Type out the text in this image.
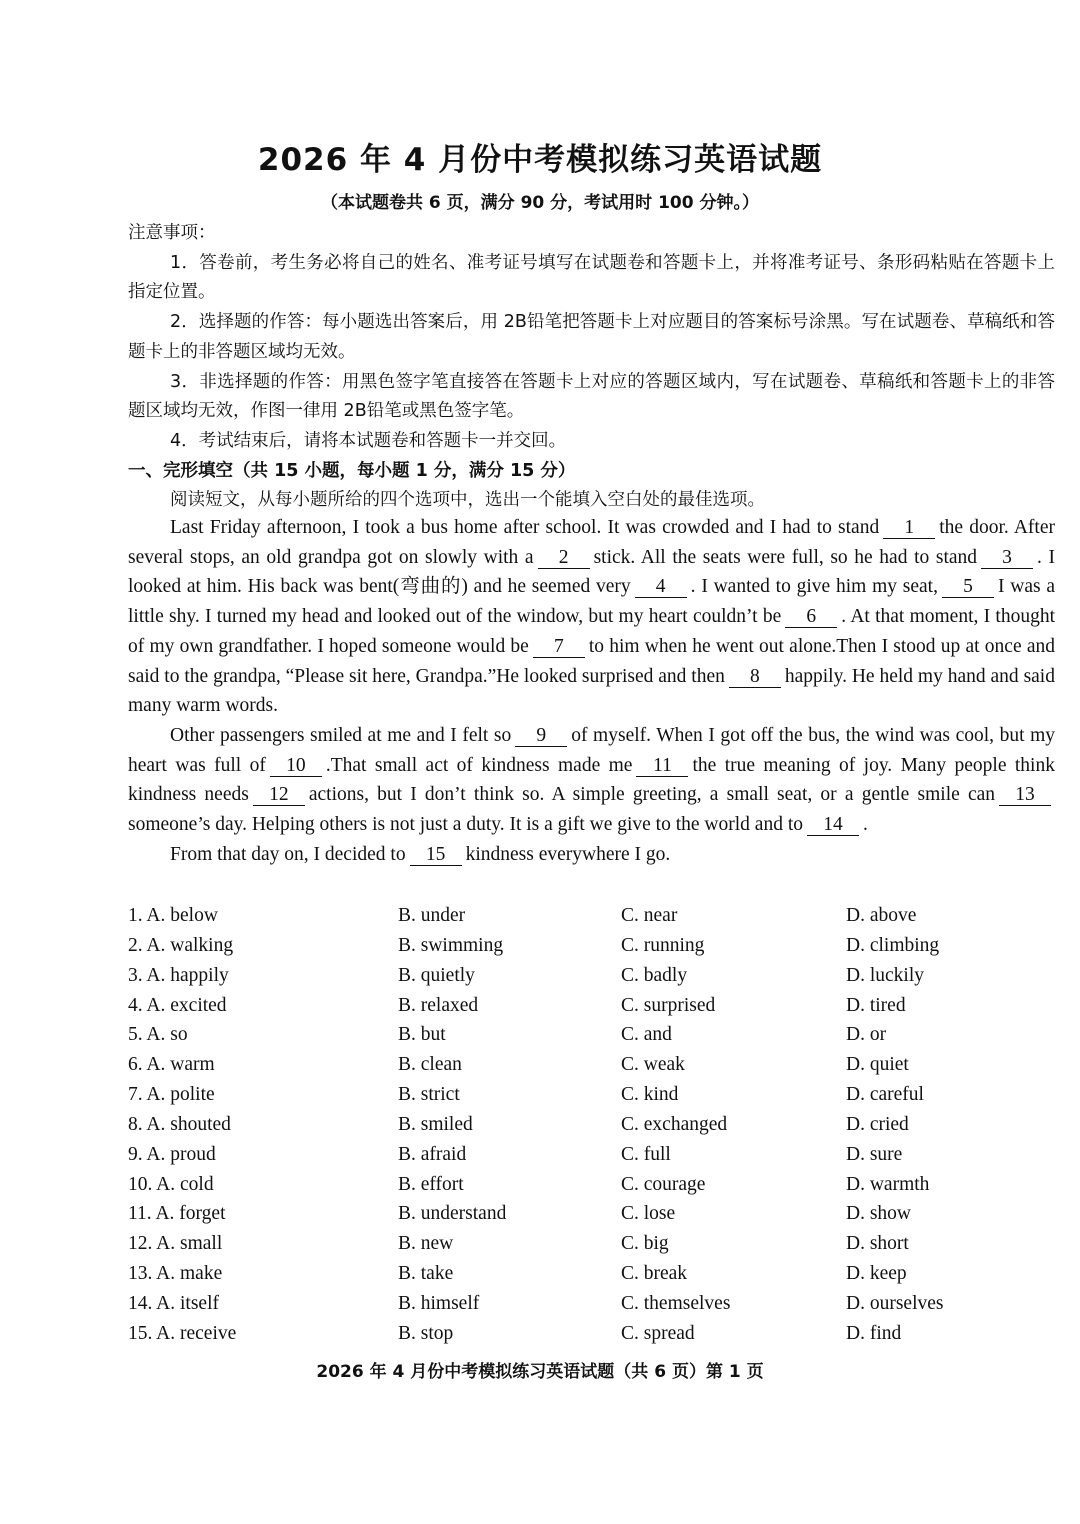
2026 年 4 月份中考模拟练习英语试题
（本试题卷共 6 页，满分 90 分，考试用时 100 分钟。）
注意事项：
1．答卷前，考生务必将自己的姓名、准考证号填写在试题卷和答题卡上，并将准考证号、条形码粘贴在答题卡上指定位置。
2．选择题的作答：每小题选出答案后，用 2B铅笔把答题卡上对应题目的答案标号涂黑。写在试题卷、草稿纸和答题卡上的非答题区域均无效。
3．非选择题的作答：用黑色签字笔直接答在答题卡上对应的答题区域内，写在试题卷、草稿纸和答题卡上的非答题区域均无效，作图一律用 2B铅笔或黑色签字笔。
4．考试结束后，请将本试题卷和答题卡一并交回。
一、完形填空（共 15 小题，每小题 1 分，满分 15 分）
阅读短文，从每小题所给的四个选项中，选出一个能填入空白处的最佳选项。

Last Friday afternoon, I took a bus home after school. It was crowded and I had to stand 1 the door. After several stops, an old grandpa got on slowly with a 2 stick. All the seats were full, so he had to stand 3 . I looked at him. His back was bent(弯曲的) and he seemed very 4 . I wanted to give him my seat, 5 I was a little shy. I turned my head and looked out of the window, but my heart couldn’t be 6 . At that moment, I thought of my own grandfather. I hoped someone would be 7 to him when he went out alone.Then I stood up at once and said to the grandpa, “Please sit here, Grandpa.”He looked surprised and then 8 happily. He held my hand and said many warm words.

Other passengers smiled at me and I felt so 9 of myself. When I got off the bus, the wind was cool, but my heart was full of 10 .That small act of kindness made me 11 the true meaning of joy. Many people think kindness needs 12 actions, but I don’t think so. A simple greeting, a small seat, or a gentle smile can 13someone’s day. Helping others is not just a duty. It is a gift we give to the world and to 14 .

From that day on, I decided to 15 kindness everywhere I go.

1. A. below	B. under	C. near	D. above
2. A. walking	B. swimming	C. running	D. climbing
3. A. happily	B. quietly	C. badly	D. luckily
4. A. excited	B. relaxed	C. surprised	D. tired
5. A. so	B. but	C. and	D. or
6. A. warm	B. clean	C. weak	D. quiet
7. A. polite	B. strict	C. kind	D. careful
8. A. shouted	B. smiled	C. exchanged	D. cried
9. A. proud	B. afraid	C. full	D. sure
10. A. cold	B. effort	C. courage	D. warmth
11. A. forget	B. understand	C. lose	D. show
12. A. small	B. new	C. big	D. short
13. A. make	B. take	C. break	D. keep
14. A. itself	B. himself	C. themselves	D. ourselves
15. A. receive	B. stop	C. spread	D. find
2026 年 4 月份中考模拟练习英语试题（共 6 页）第 1 页
